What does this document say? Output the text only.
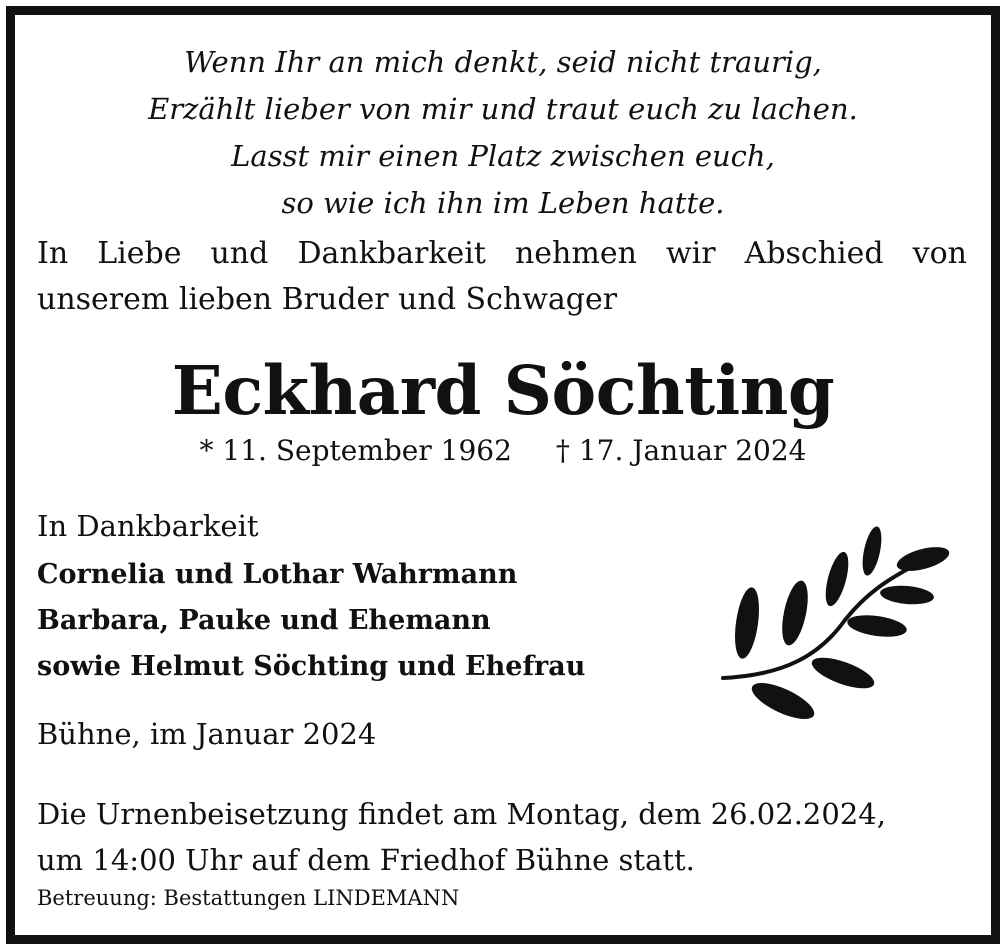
Wenn Ihr an mich denkt, seid nicht traurig,
Erzählt lieber von mir und traut euch zu lachen.
Lasst mir einen Platz zwischen euch,
so wie ich ihn im Leben hatte.
In Liebe und Dankbarkeit nehmen wir Abschied von
unserem lieben Bruder und Schwager
Eckhard Söchting
* 11. September 1962 † 17. Januar 2024
In Dankbarkeit
Cornelia und Lothar Wahrmann
Barbara, Pauke und Ehemann
sowie Helmut Söchting und Ehefrau
Bühne, im Januar 2024
Die Urnenbeisetzung findet am Montag, dem 26.02.2024,
um 14:00 Uhr auf dem Friedhof Bühne statt.
Betreuung: Bestattungen LINDEMANN
